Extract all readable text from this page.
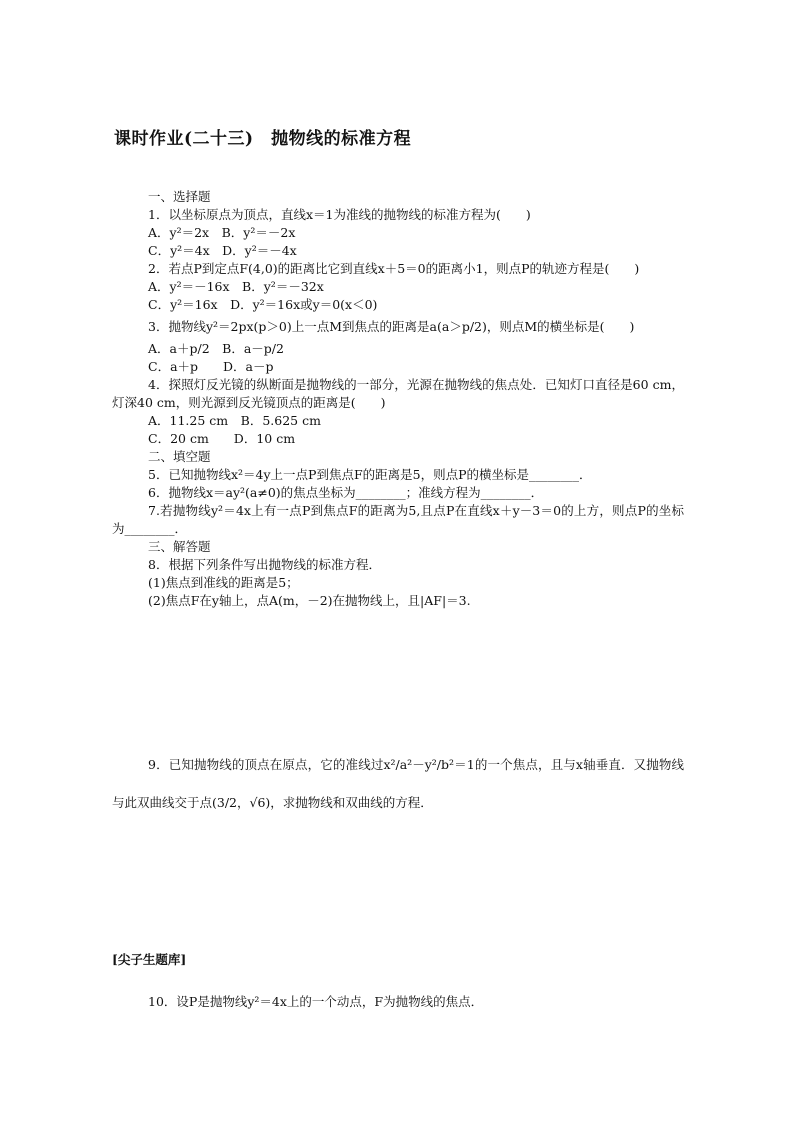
课时作业(二十三)　抛物线的标准方程
一、选择题
1．以坐标原点为顶点，直线x＝1为准线的抛物线的标准方程为(　　)
A．y²＝2x　B．y²＝－2x
C．y²＝4x　D．y²＝－4x
2．若点P到定点F(4,0)的距离比它到直线x＋5＝0的距离小1，则点P的轨迹方程是(　　)
A．y²＝－16x　B．y²＝－32x
C．y²＝16x　D．y²＝16x或y＝0(x＜0)
3．抛物线y²＝2px(p＞0)上一点M到焦点的距离是a(a＞p/2)，则点M的横坐标是(　　)
A．a＋p/2　B．a－p/2
C．a＋p　　D．a－p
4．探照灯反光镜的纵断面是抛物线的一部分，光源在抛物线的焦点处．已知灯口直径是60 cm，灯深40 cm，则光源到反光镜顶点的距离是(　　)
A．11.25 cm　B．5.625 cm
C．20 cm　　D．10 cm
二、填空题
5．已知抛物线x²＝4y上一点P到焦点F的距离是5，则点P的横坐标是________．
6．抛物线x＝ay²(a≠0)的焦点坐标为________；准线方程为________．
7.若抛物线y²＝4x上有一点P到焦点F的距离为5,且点P在直线x＋y－3＝0的上方，则点P的坐标为________．
三、解答题
8．根据下列条件写出抛物线的标准方程．
(1)焦点到准线的距离是5；
(2)焦点F在y轴上，点A(m，－2)在抛物线上，且|AF|＝3.
9．已知抛物线的顶点在原点，它的准线过x²/a²－y²/b²＝1的一个焦点，且与x轴垂直．又抛物线与此双曲线交于点(3/2，√6)，求抛物线和双曲线的方程．
[尖子生题库]
10．设P是抛物线y²＝4x上的一个动点，F为抛物线的焦点．
